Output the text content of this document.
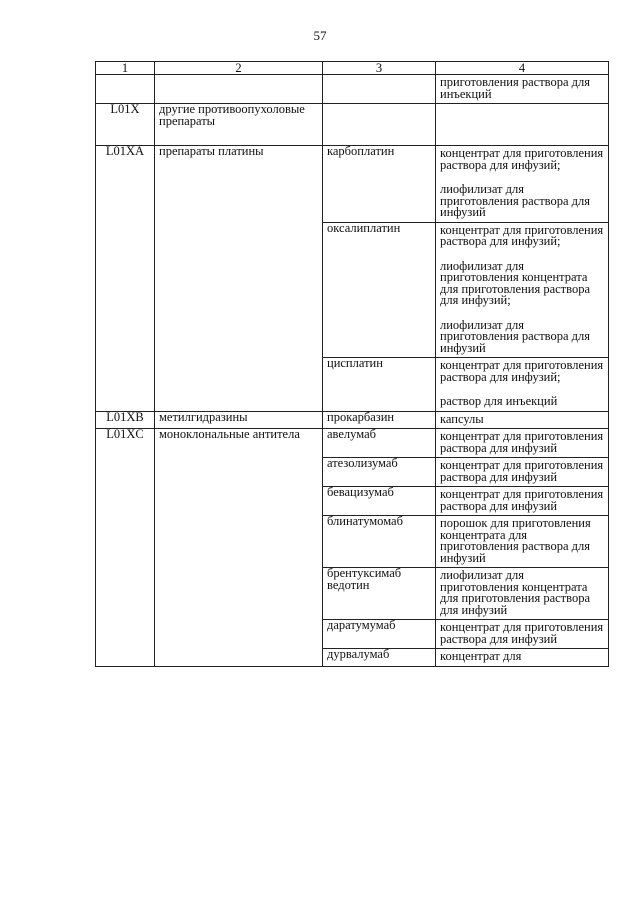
57
1	2	3	4

			приготовления раствора для инъекций

L01X	другие противоопухоловые препараты		
L01XA	препараты платины	карбоплатин	концентрат для приготовления раствора для инфузий;
лиофилизат для приготовления раствора для инфузий

		оксалиплатин	концентрат для приготовления раствора для инфузий;
лиофилизат для приготовления концентрата для приготовления раствора для инфузий;
лиофилизат для приготовления раствора для инфузий

		цисплатин	концентрат для приготовления раствора для инфузий;
раствор для инъекций

L01XB	метилгидразины	прокарбазин	капсулы

L01XC	моноклональные антитела	авелумаб	концентрат для приготовления раствора для инфузий

		атезолизумаб	концентрат для приготовления раствора для инфузий

		бевацизумаб	концентрат для приготовления раствора для инфузий

		блинатумомаб	порошок для приготовления концентрата для приготовления раствора для инфузий

		брентуксимаб ведотин	лиофилизат для приготовления концентрата для приготовления раствора для инфузий

		даратумумаб	концентрат для приготовления раствора для инфузий

		дурвалумаб	концентрат для
